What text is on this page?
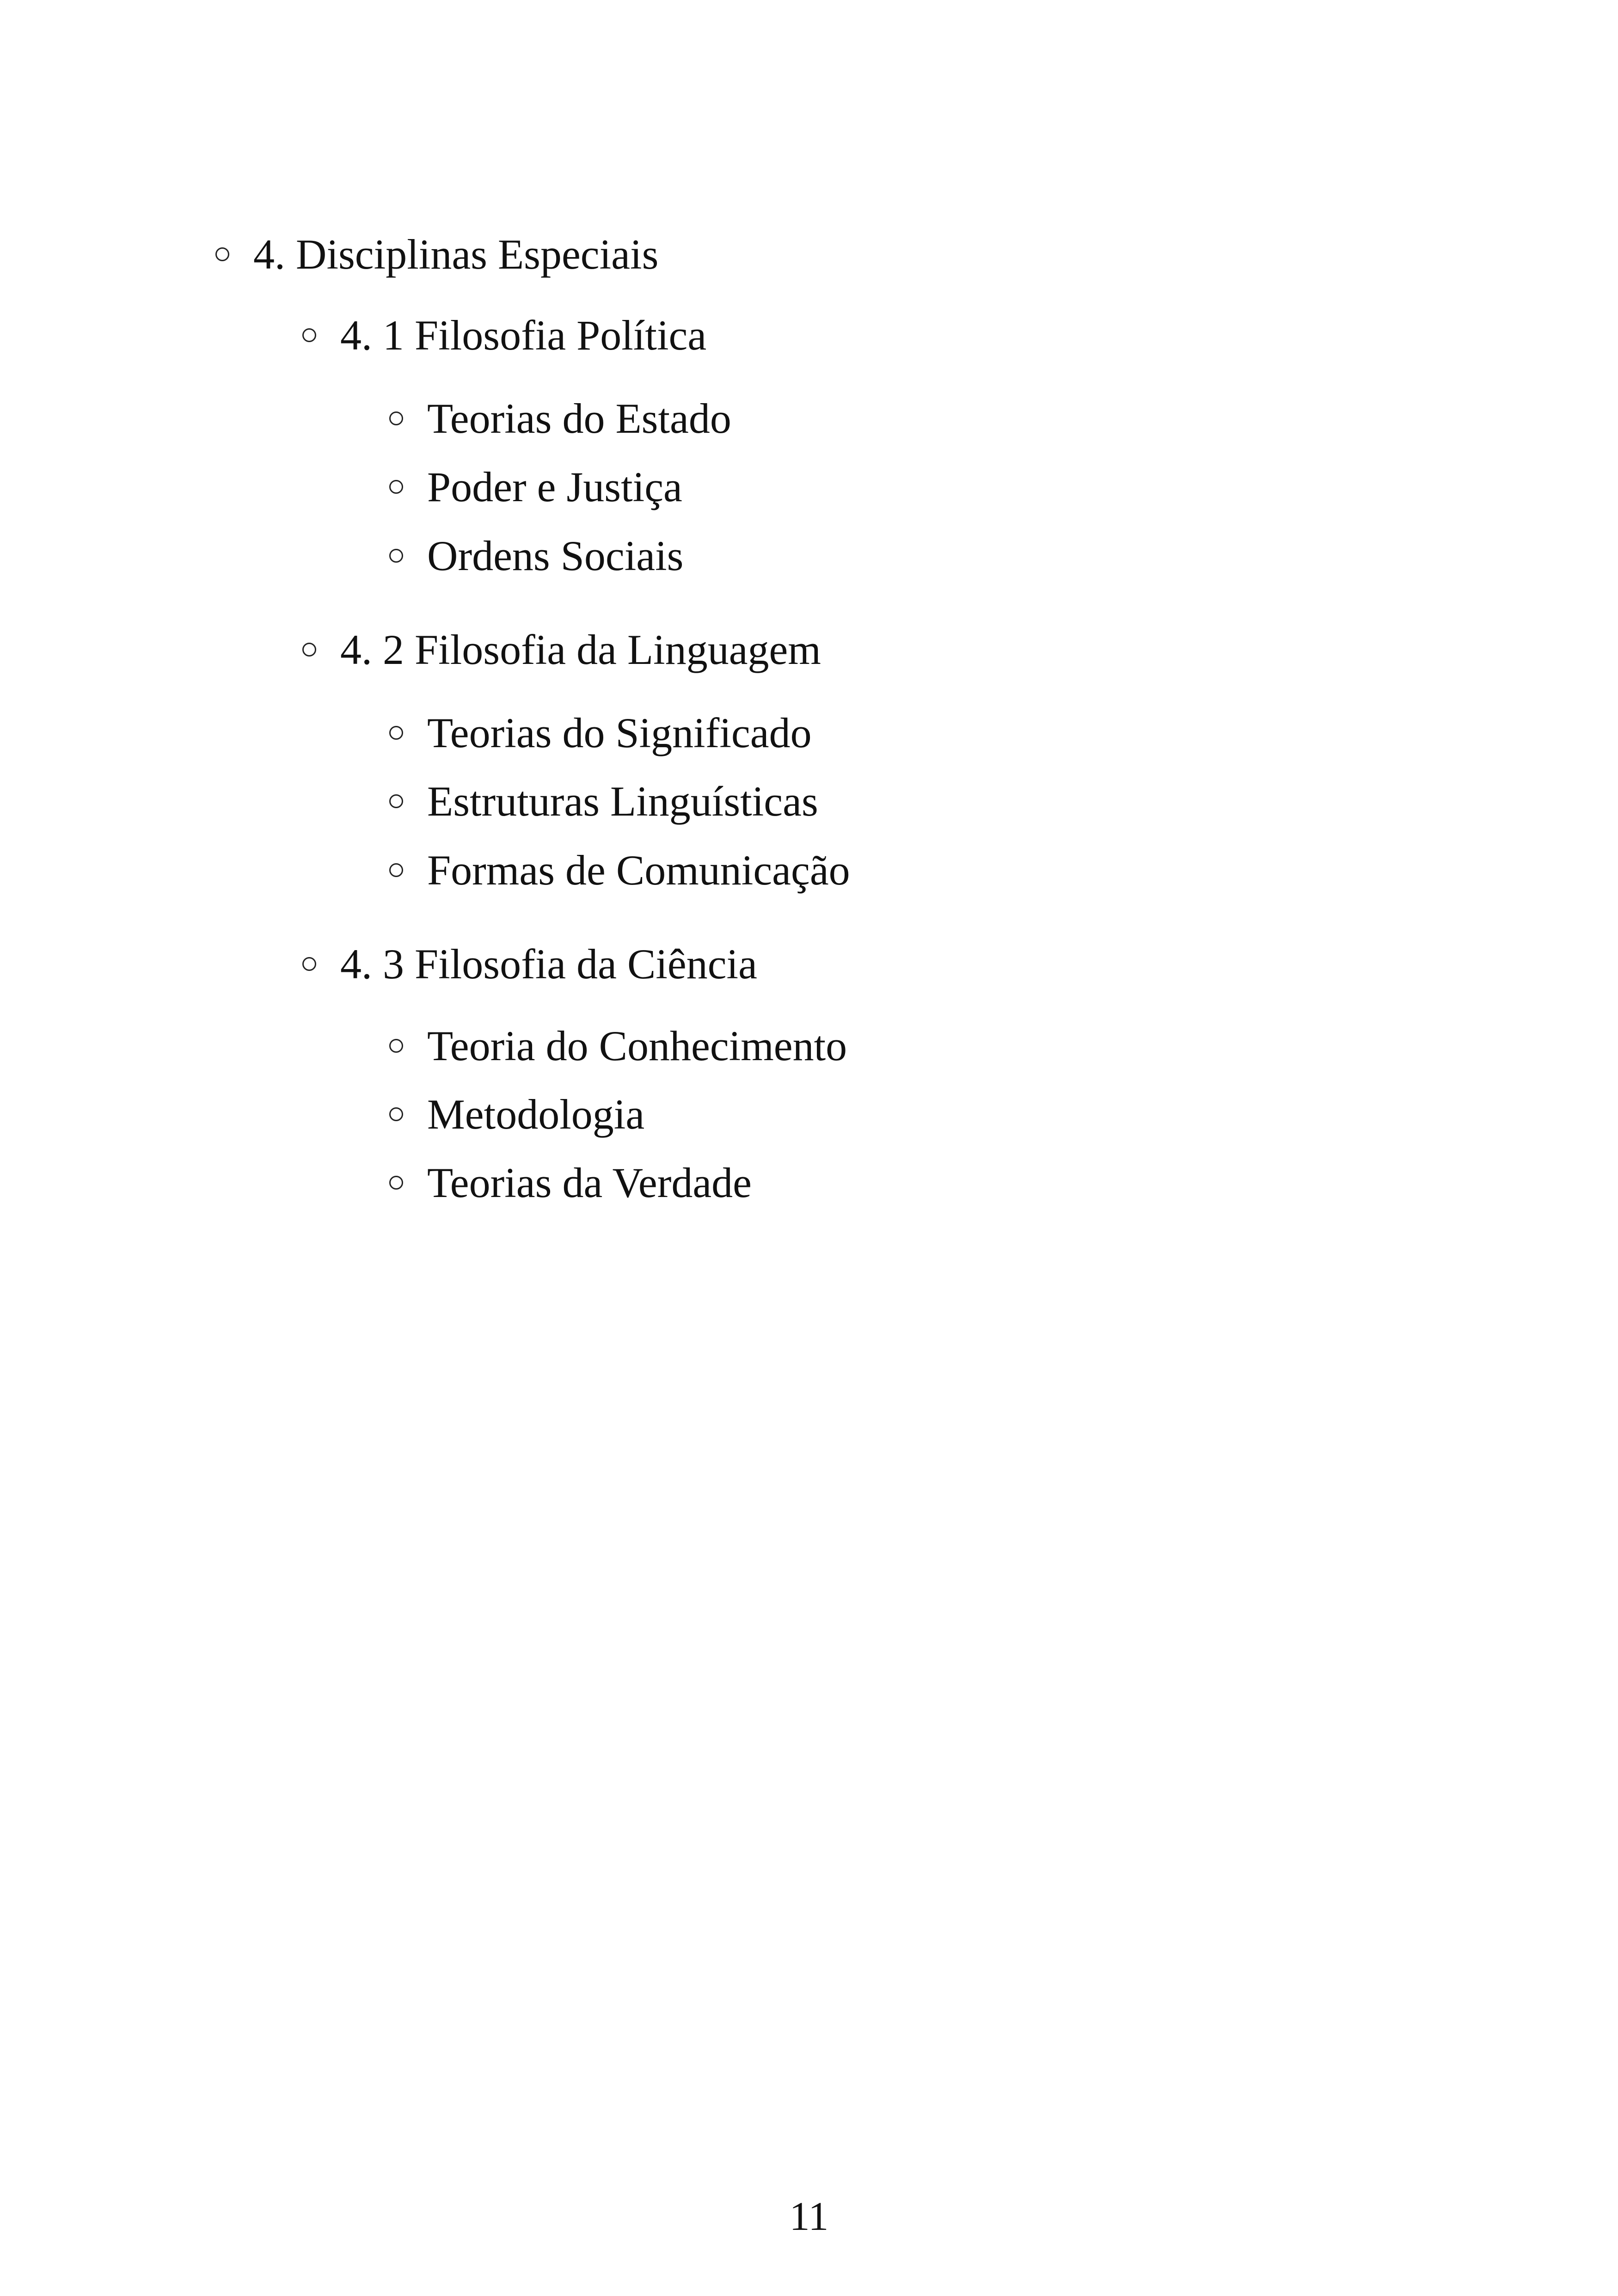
4. Disciplinas Especiais
4. 1 Filosofia Política
Teorias do Estado
Poder e Justiça
Ordens Sociais
4. 2 Filosofia da Linguagem
Teorias do Significado
Estruturas Linguísticas
Formas de Comunicação
4. 3 Filosofia da Ciência
Teoria do Conhecimento
Metodologia
Teorias da Verdade
11
